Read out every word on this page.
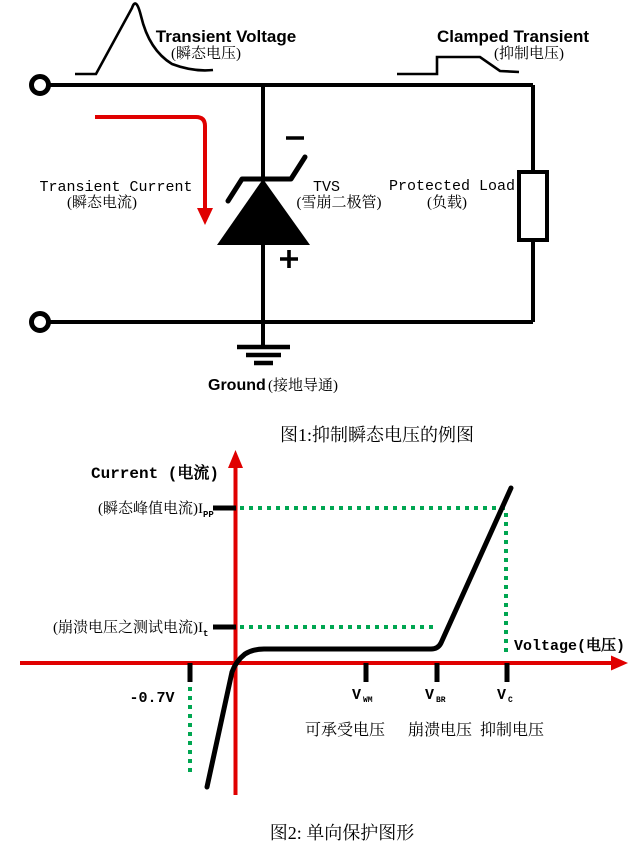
Transient Voltage
(瞬态电压)
Clamped Transient
(抑制电压)
Transient Current
(瞬态电流)
TVS
(雪崩二极管)
Protected Load
(负载)
Ground (接地导通)
图1:抑制瞬态电压的例图
Current (电流)
(瞬态峰值电流)I PP
(崩溃电压之测试电流)I t
Voltage(电压)
-0.7V	V WM	V BR	V C
可承受电压 崩溃电压 抑制电压
图2: 单向保护图形
